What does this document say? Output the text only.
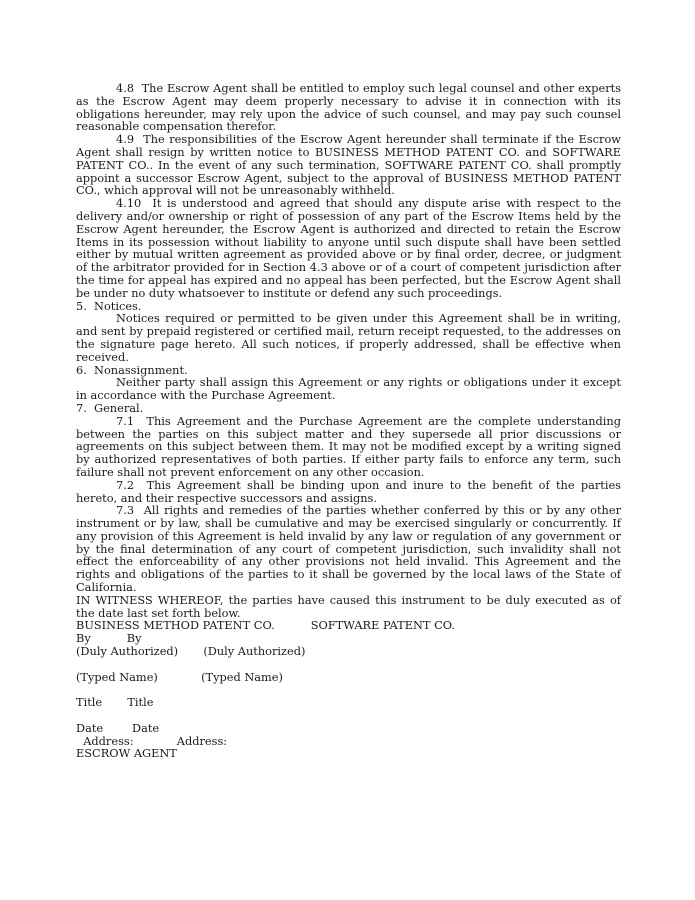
4.8  The Escrow Agent shall be entitled to employ such legal counsel and other experts as the Escrow Agent may deem properly necessary to advise it in connection with its obligations hereunder, may rely upon the advice of such counsel, and may pay such counsel reasonable compensation therefor.

4.9  The responsibilities of the Escrow Agent hereunder shall terminate if the Escrow Agent shall resign by written notice to BUSINESS METHOD PATENT CO. and SOFTWARE PATENT CO.. In the event of any such termination, SOFTWARE PATENT CO. shall promptly appoint a successor Escrow Agent, subject to the approval of BUSINESS METHOD PATENT CO., which approval will not be unreasonably withheld.

4.10  It is understood and agreed that should any dispute arise with respect to the delivery and/or ownership or right of possession of any part of the Escrow Items held by the Escrow Agent hereunder, the Escrow Agent is authorized and directed to retain the Escrow Items in its possession without liability to anyone until such dispute shall have been settled either by mutual written agreement as provided above or by final order, decree, or judgment of the arbitrator provided for in Section 4.3 above or of a court of competent jurisdiction after the time for appeal has expired and no appeal has been perfected, but the Escrow Agent shall be under no duty whatsoever to institute or defend any such proceedings.

5.  Notices.

Notices required or permitted to be given under this Agreement shall be in writing, and sent by prepaid registered or certified mail, return receipt requested, to the addresses on the signature page hereto. All such notices, if properly addressed, shall be effective when received.

6.  Nonassignment.

Neither party shall assign this Agreement or any rights or obligations under it except in accordance with the Purchase Agreement.

7.  General.

7.1  This Agreement and the Purchase Agreement are the complete understanding between the parties on this subject matter and they supersede all prior discussions or agreements on this subject between them. It may not be modified except by a writing signed by authorized representatives of both parties. If either party fails to enforce any term, such failure shall not prevent enforcement on any other occasion.

7.2  This Agreement shall be binding upon and inure to the benefit of the parties hereto, and their respective successors and assigns.

7.3  All rights and remedies of the parties whether conferred by this or by any other instrument or by law, shall be cumulative and may be exercised singularly or concurrently. If any provision of this Agreement is held invalid by any law or regulation of any government or by the final determination of any court of competent jurisdiction, such invalidity shall not effect the enforceability of any other provisions not held invalid. This Agreement and the rights and obligations of the parties to it shall be governed by the local laws of the State of California.

IN WITNESS WHEREOF, the parties have caused this instrument to be duly executed as of the date last set forth below.

BUSINESS METHOD PATENT CO.          SOFTWARE PATENT CO.

By          By

(Duly Authorized)       (Duly Authorized)

(Typed Name)            (Typed Name)

Title       Title

Date        Date

Address:            Address:

ESCROW AGENT
